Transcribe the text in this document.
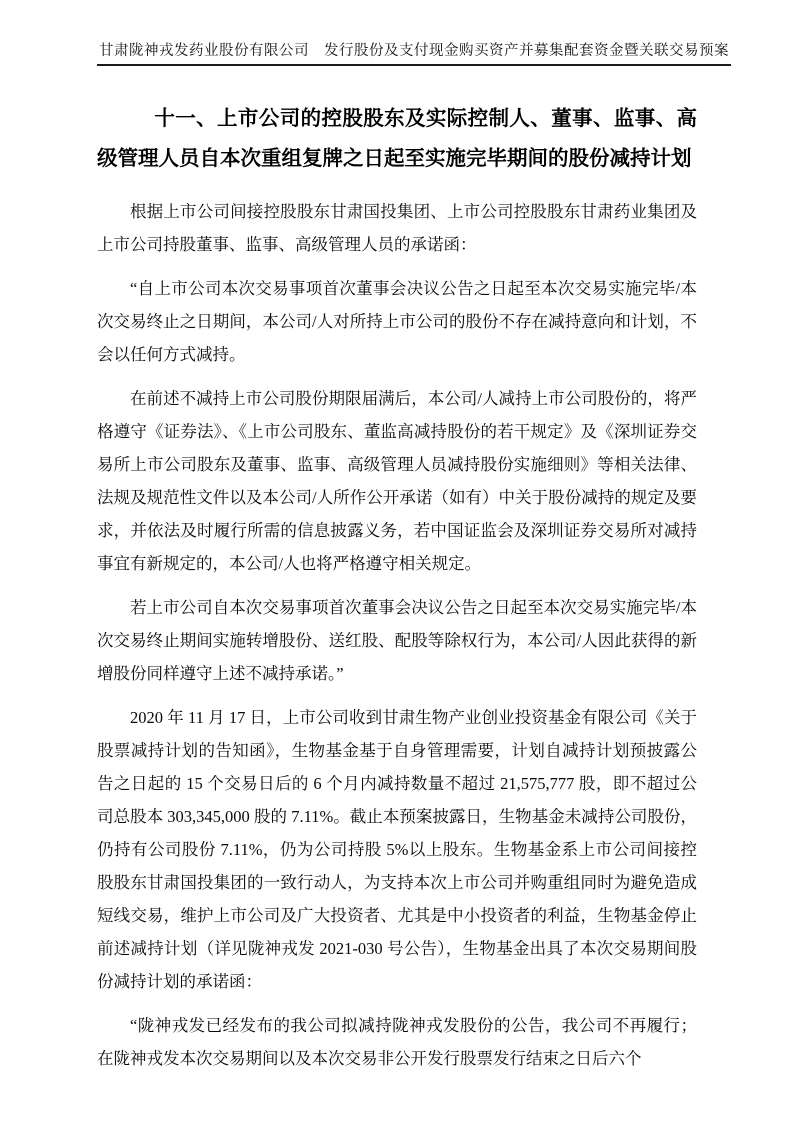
甘肃陇神戎发药业股份有限公司　发行股份及支付现金购买资产并募集配套资金暨关联交易预案
十一、上市公司的控股股东及实际控制人、董事、监事、高级管理人员自本次重组复牌之日起至实施完毕期间的股份减持计划

根据上市公司间接控股股东甘肃国投集团、上市公司控股股东甘肃药业集团及上市公司持股董事、监事、高级管理人员的承诺函：

“自上市公司本次交易事项首次董事会决议公告之日起至本次交易实施完毕/本次交易终止之日期间，本公司/人对所持上市公司的股份不存在减持意向和计划，不会以任何方式减持。

在前述不减持上市公司股份期限届满后，本公司/人减持上市公司股份的，将严格遵守《证券法》、《上市公司股东、董监高减持股份的若干规定》及《深圳证券交易所上市公司股东及董事、监事、高级管理人员减持股份实施细则》等相关法律、法规及规范性文件以及本公司/人所作公开承诺（如有）中关于股份减持的规定及要求，并依法及时履行所需的信息披露义务，若中国证监会及深圳证券交易所对减持事宜有新规定的，本公司/人也将严格遵守相关规定。

若上市公司自本次交易事项首次董事会决议公告之日起至本次交易实施完毕/本次交易终止期间实施转增股份、送红股、配股等除权行为，本公司/人因此获得的新增股份同样遵守上述不减持承诺。”

2020 年 11 月 17 日，上市公司收到甘肃生物产业创业投资基金有限公司《关于股票减持计划的告知函》，生物基金基于自身管理需要，计划自减持计划预披露公告之日起的 15 个交易日后的 6 个月内减持数量不超过 21,575,777 股，即不超过公司总股本 303,345,000 股的 7.11%。截止本预案披露日，生物基金未减持公司股份，仍持有公司股份 7.11%，仍为公司持股 5%以上股东。生物基金系上市公司间接控股股东甘肃国投集团的一致行动人，为支持本次上市公司并购重组同时为避免造成短线交易，维护上市公司及广大投资者、尤其是中小投资者的利益，生物基金停止前述减持计划（详见陇神戎发 2021-030 号公告），生物基金出具了本次交易期间股份减持计划的承诺函：

“陇神戎发已经发布的我公司拟减持陇神戎发股份的公告，我公司不再履行；在陇神戎发本次交易期间以及本次交易非公开发行股票发行结束之日后六个
